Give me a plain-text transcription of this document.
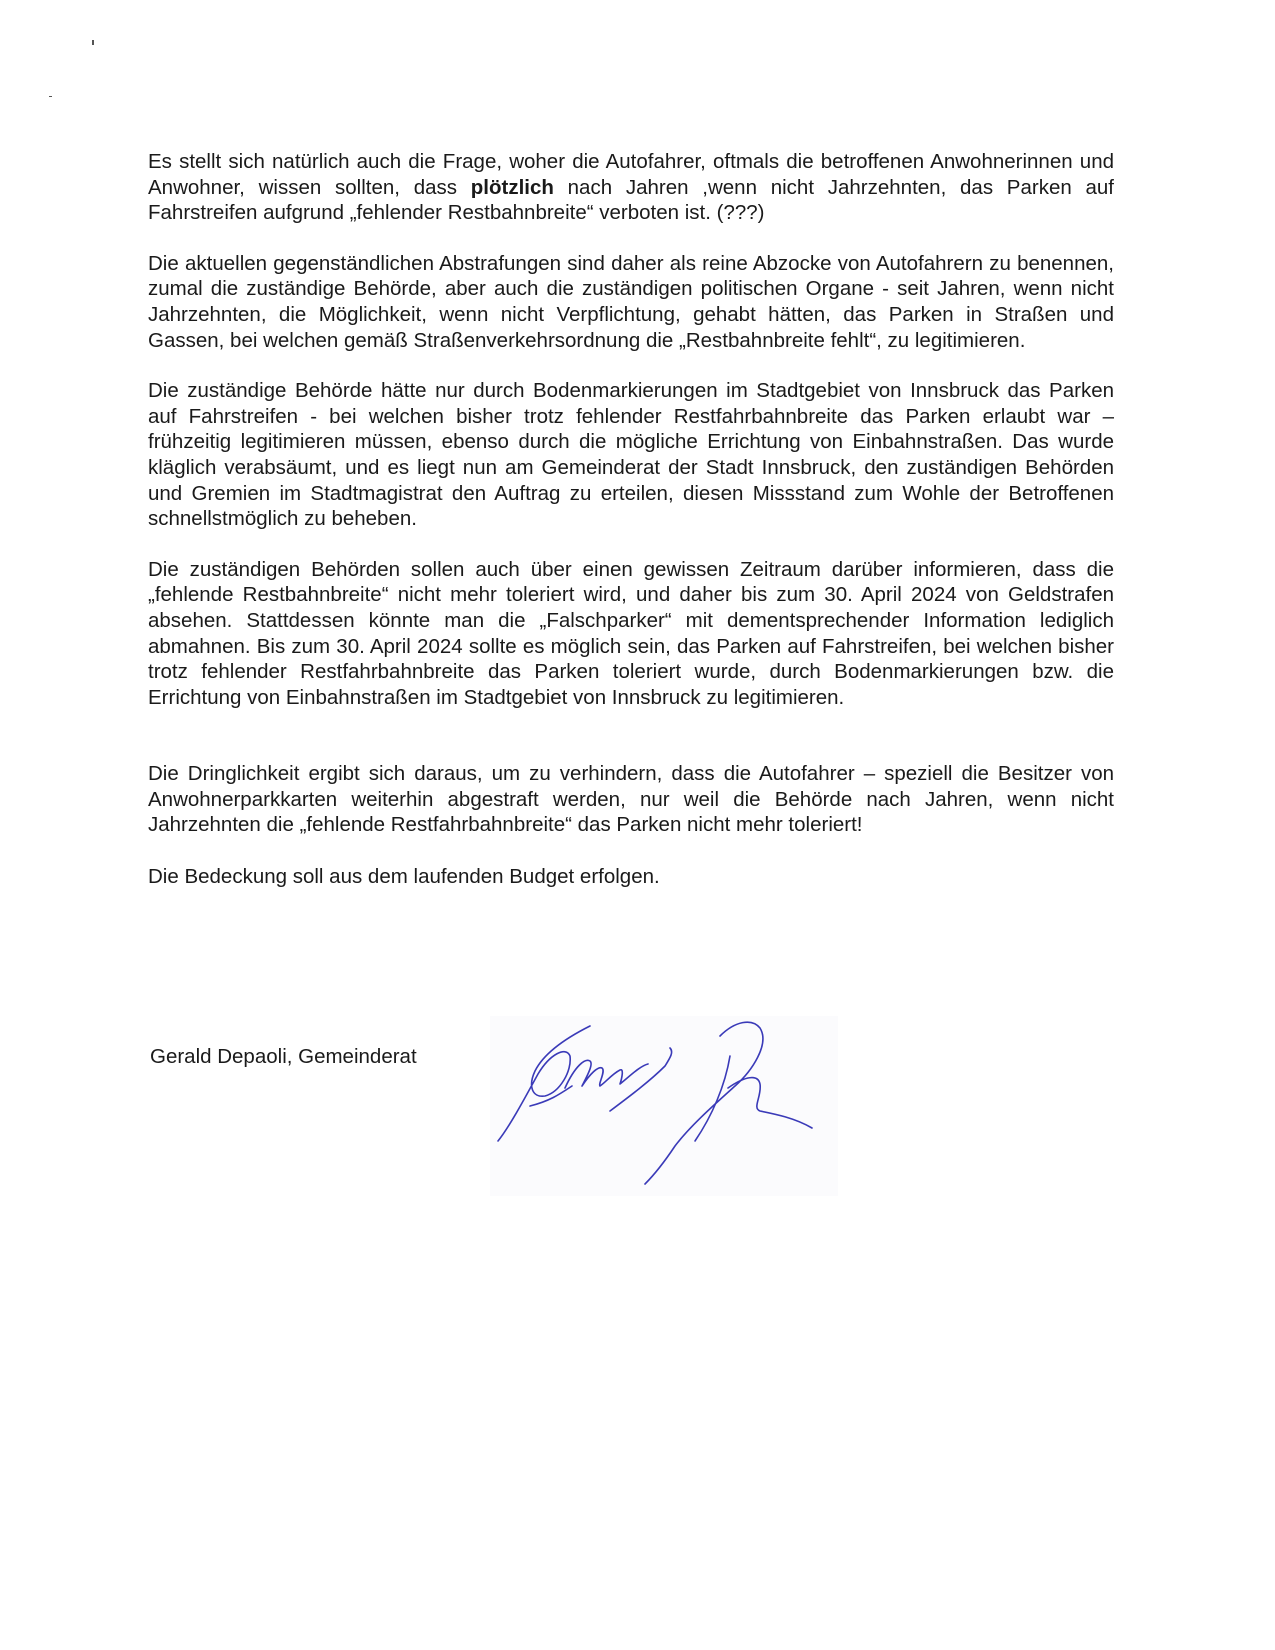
Es stellt sich natürlich auch die Frage, woher die Autofahrer, oftmals die betroffenen Anwohnerinnen und Anwohner, wissen sollten, dass plötzlich nach Jahren ,wenn nicht Jahrzehnten, das Parken auf Fahrstreifen aufgrund „fehlender Restbahnbreite“ verboten ist. (???)

Die aktuellen gegenständlichen Abstrafungen sind daher als reine Abzocke von Autofahrern zu benennen, zumal die zuständige Behörde, aber auch die zuständigen politischen Organe - seit Jahren, wenn nicht Jahrzehnten, die Möglichkeit, wenn nicht Verpflichtung, gehabt hätten, das Parken in Straßen und Gassen, bei welchen gemäß Straßenverkehrsordnung die „Restbahnbreite fehlt“, zu legitimieren.

Die zuständige Behörde hätte nur durch Bodenmarkierungen im Stadtgebiet von Innsbruck das Parken auf Fahrstreifen - bei welchen bisher trotz fehlender Restfahrbahnbreite das Parken erlaubt war – frühzeitig legitimieren müssen, ebenso durch die mögliche Errichtung von Einbahnstraßen. Das wurde kläglich verabsäumt, und es liegt nun am Gemeinderat der Stadt Innsbruck, den zuständigen Behörden und Gremien im Stadtmagistrat den Auftrag zu erteilen, diesen Missstand zum Wohle der Betroffenen schnellstmöglich zu beheben.

Die zuständigen Behörden sollen auch über einen gewissen Zeitraum darüber informieren, dass die „fehlende Restbahnbreite“ nicht mehr toleriert wird, und daher bis zum 30. April 2024 von Geldstrafen absehen. Stattdessen könnte man die „Falschparker“ mit dementsprechender Information lediglich abmahnen. Bis zum 30. April 2024 sollte es möglich sein, das Parken auf Fahrstreifen, bei welchen bisher trotz fehlender Restfahrbahnbreite das Parken toleriert wurde, durch Bodenmarkierungen bzw. die Errichtung von Einbahnstraßen im Stadtgebiet von Innsbruck zu legitimieren.

Die Dringlichkeit ergibt sich daraus, um zu verhindern, dass die Autofahrer – speziell die Besitzer von Anwohnerparkkarten weiterhin abgestraft werden, nur weil die Behörde nach Jahren, wenn nicht Jahrzehnten die „fehlende Restfahrbahnbreite“ das Parken nicht mehr toleriert!

Die Bedeckung soll aus dem laufenden Budget erfolgen.

Gerald Depaoli, Gemeinderat
